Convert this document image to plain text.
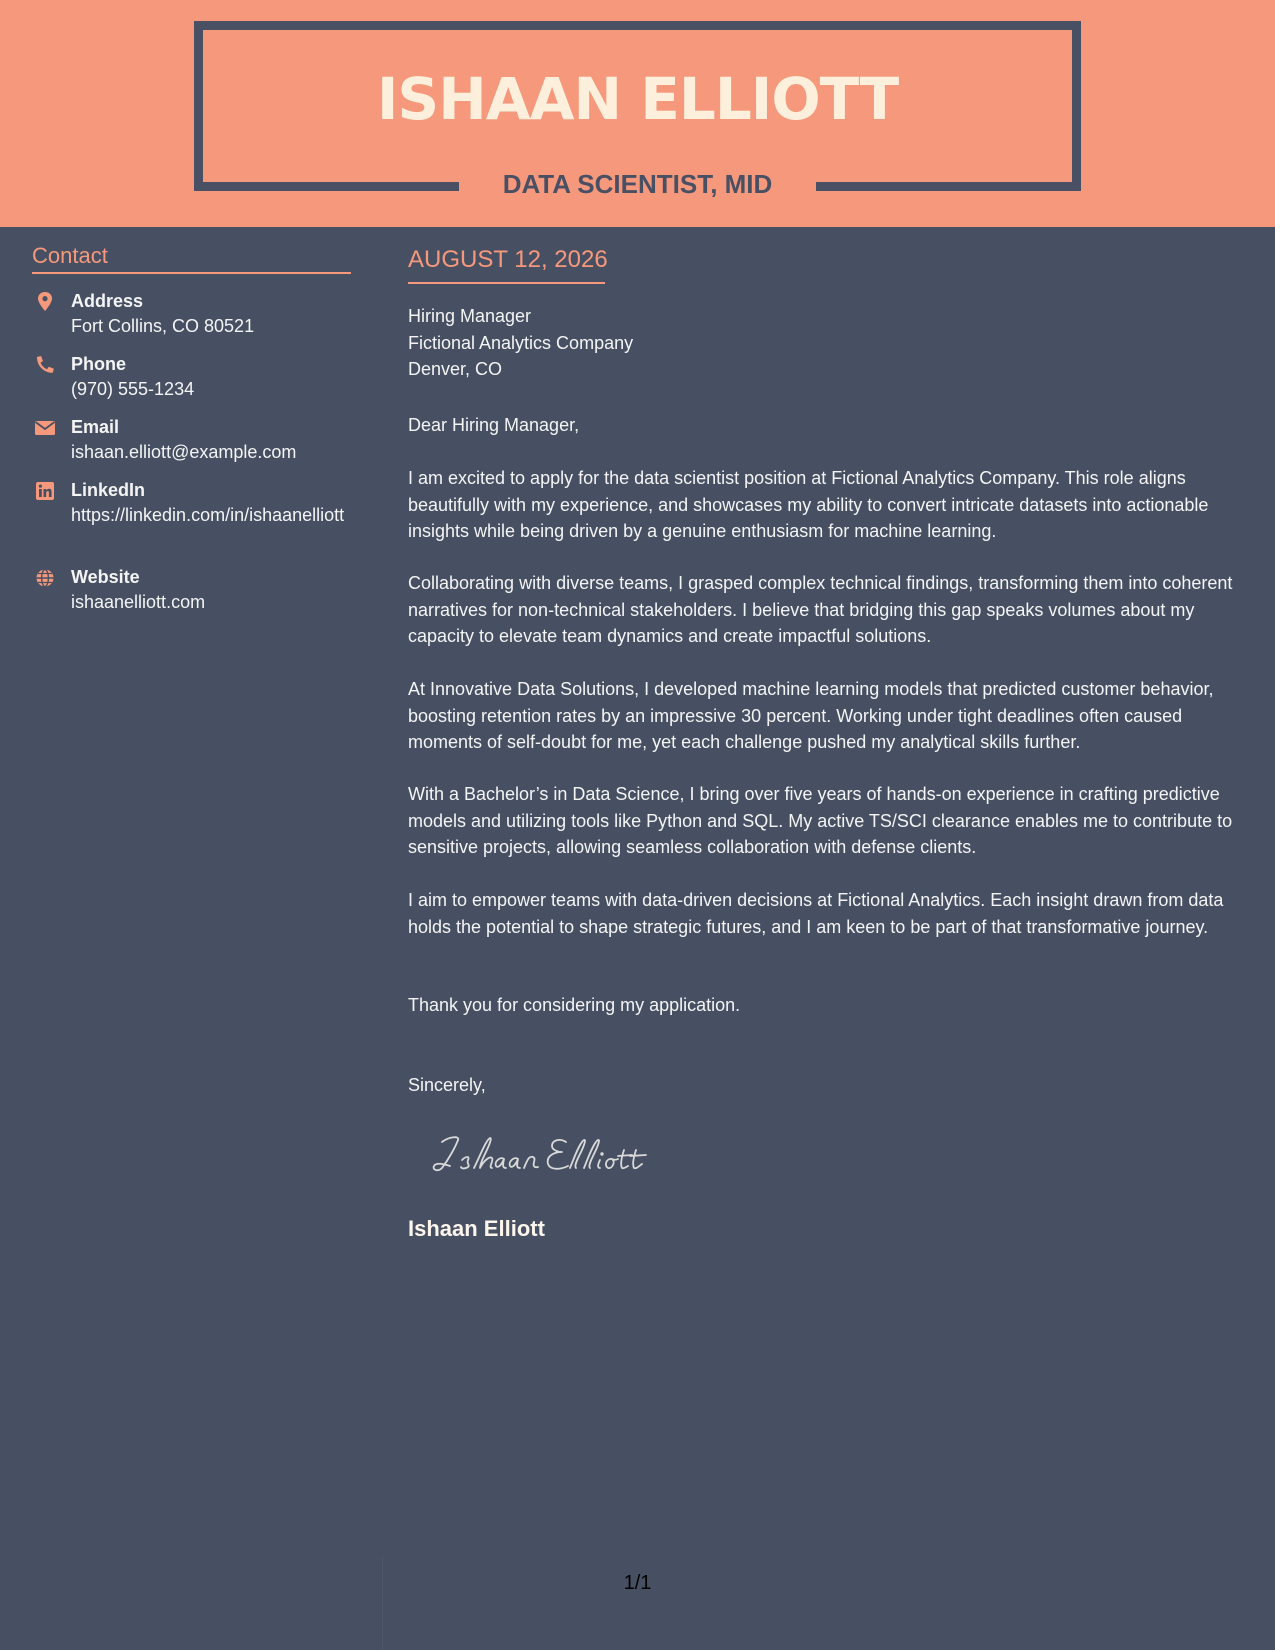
ISHAAN ELLIOTT
DATA SCIENTIST, MID
Contact
Address
Fort Collins, CO 80521
Phone
(970) 555-1234
Email
ishaan.elliott@example.com
LinkedIn
https://linkedin.com/in/ishaanelliott
Website
ishaanelliott.com
AUGUST 12, 2026
Hiring Manager
Fictional Analytics Company
Denver, CO
Dear Hiring Manager,
I am excited to apply for the data scientist position at Fictional Analytics Company. This role aligns beautifully with my experience, and showcases my ability to convert intricate datasets into actionable insights while being driven by a genuine enthusiasm for machine learning.
Collaborating with diverse teams, I grasped complex technical findings, transforming them into coherent narratives for non-technical stakeholders. I believe that bridging this gap speaks volumes about my capacity to elevate team dynamics and create impactful solutions.
At Innovative Data Solutions, I developed machine learning models that predicted customer behavior, boosting retention rates by an impressive 30 percent. Working under tight deadlines often caused moments of self-doubt for me, yet each challenge pushed my analytical skills further.
With a Bachelor’s in Data Science, I bring over five years of hands-on experience in crafting predictive models and utilizing tools like Python and SQL. My active TS/SCI clearance enables me to contribute to sensitive projects, allowing seamless collaboration with defense clients.
I aim to empower teams with data-driven decisions at Fictional Analytics. Each insight drawn from data holds the potential to shape strategic futures, and I am keen to be part of that transformative journey.
Thank you for considering my application.
Sincerely,
Ishaan Elliott
1/1
